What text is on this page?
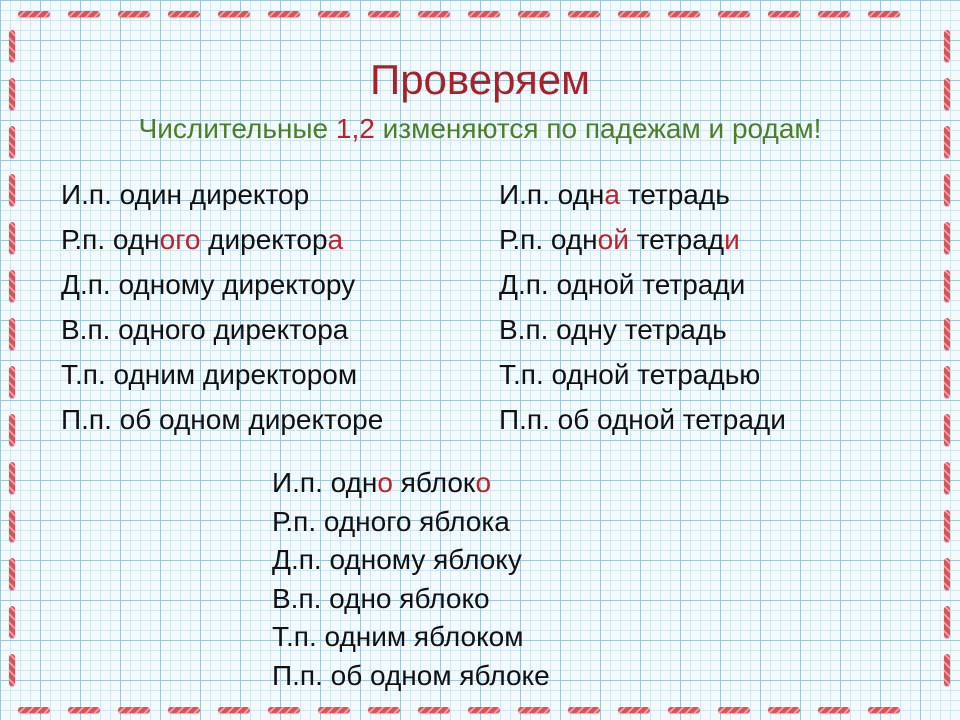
Проверяем
Числительные 1,2 изменяются по падежам и родам!
И.п. один директор
Р.п. одного директора
Д.п. одному директору
В.п. одного директора
Т.п. одним директором
П.п. об одном директоре
И.п. одна тетрадь
Р.п. одной тетради
Д.п. одной тетради
В.п. одну тетрадь
Т.п. одной тетрадью
П.п. об одной тетради
И.п. одно яблоко
Р.п. одного яблока
Д.п. одному яблоку
В.п. одно яблоко
Т.п. одним яблоком
П.п. об одном яблоке
